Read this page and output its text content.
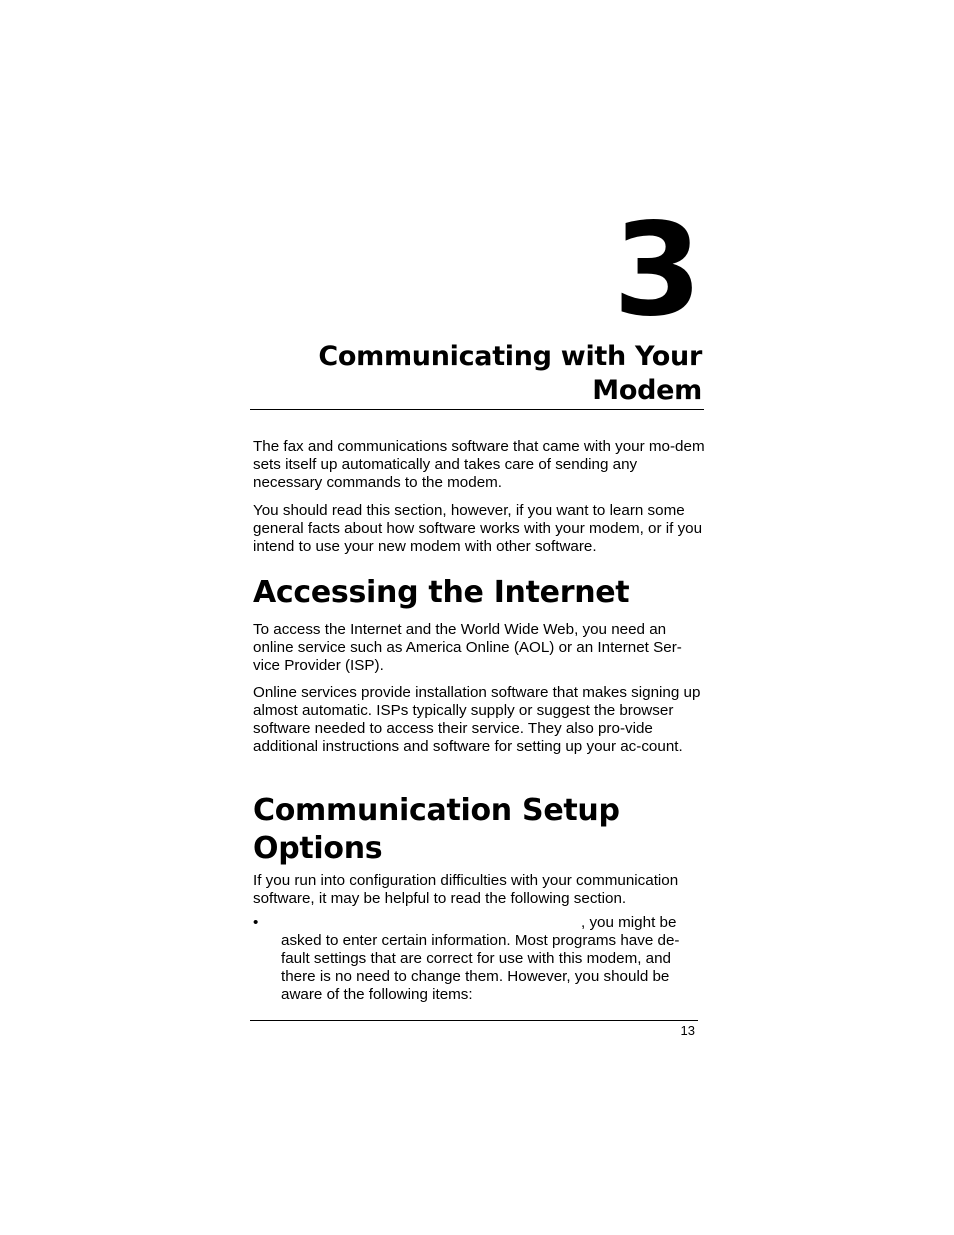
3
Communicating with Your
Modem

The fax and communications software that came with your mo-dem sets itself up automatically and takes care of sending any necessary commands to the modem.

You should read this section, however, if you want to learn some general facts about how software works with your modem, or if you intend to use your new modem with other software.

Accessing the Internet

To access the Internet and the World Wide Web, you need an online service such as America Online (AOL) or an Internet Ser-vice Provider (ISP).

Online services provide installation software that makes signing up almost automatic. ISPs typically supply or suggest the browser software needed to access their service. They also pro-vide additional instructions and software for setting up your ac-count.

Communication Setup
Options

If you run into configuration difficulties with your communication software, it may be helpful to read the following section.

•	, you might be

asked to enter certain information. Most programs have de-fault settings that are correct for use with this modem, and there is no need to change them. However, you should be aware of the following items:

13
